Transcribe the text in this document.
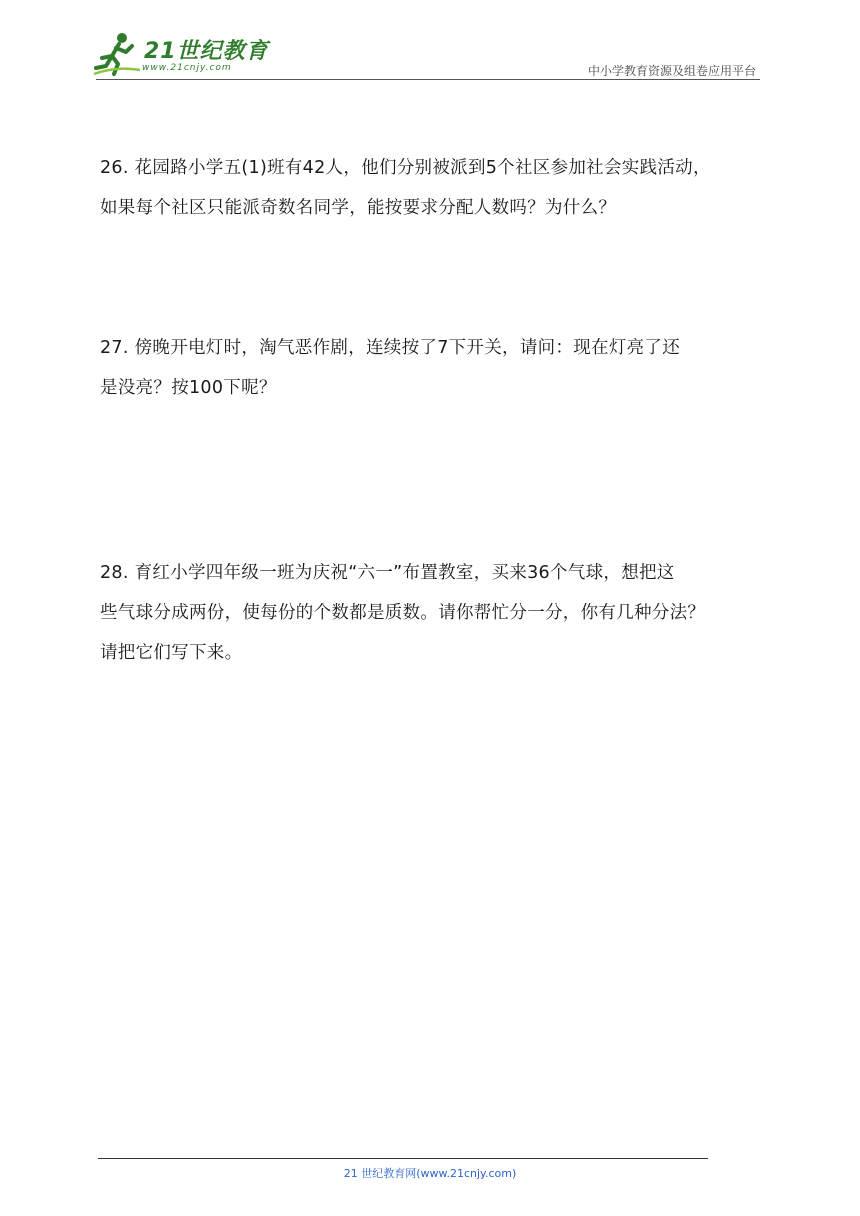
21世纪教育
www.21cnjy.com	中小学教育资源及组卷应用平台
26. 花园路小学五(1)班有42人，他们分别被派到5个社区参加社会实践活动，
如果每个社区只能派奇数名同学，能按要求分配人数吗？为什么？
27. 傍晚开电灯时，淘气恶作剧，连续按了7下开关，请问：现在灯亮了还
是没亮？按100下呢？
28. 育红小学四年级一班为庆祝“六一”布置教室，买来36个气球，想把这
些气球分成两份，使每份的个数都是质数。请你帮忙分一分，你有几种分法？
请把它们写下来。
21 世纪教育网(www.21cnjy.com)
